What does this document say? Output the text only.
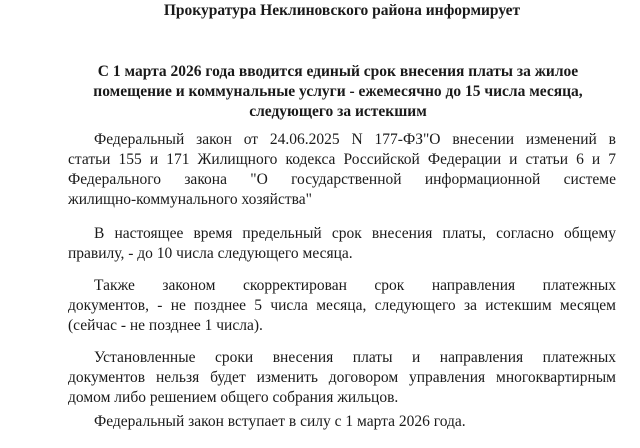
Прокуратура Неклиновского района информирует
С 1 марта 2026 года вводится единый срок внесения платы за жилое
помещение и коммунальные услуги - ежемесячно до 15 числа месяца,
следующего за истекшим

Федеральный закон от 24.06.2025 N 177-ФЗ"О внесении изменений в
статьи 155 и 171 Жилищного кодекса Российской Федерации и статьи 6 и 7
Федерального закона "О государственной информационной системе
жилищно-коммунального хозяйства"

В настоящее время предельный срок внесения платы, согласно общему
правилу, - до 10 числа следующего месяца.

Также законом скорректирован срок направления платежных
документов, - не позднее 5 числа месяца, следующего за истекшим месяцем
(сейчас - не позднее 1 числа).

Установленные сроки внесения платы и направления платежных
документов нельзя будет изменить договором управления многоквартирным
домом либо решением общего собрания жильцов.

Федеральный закон вступает в силу с 1 марта 2026 года.
